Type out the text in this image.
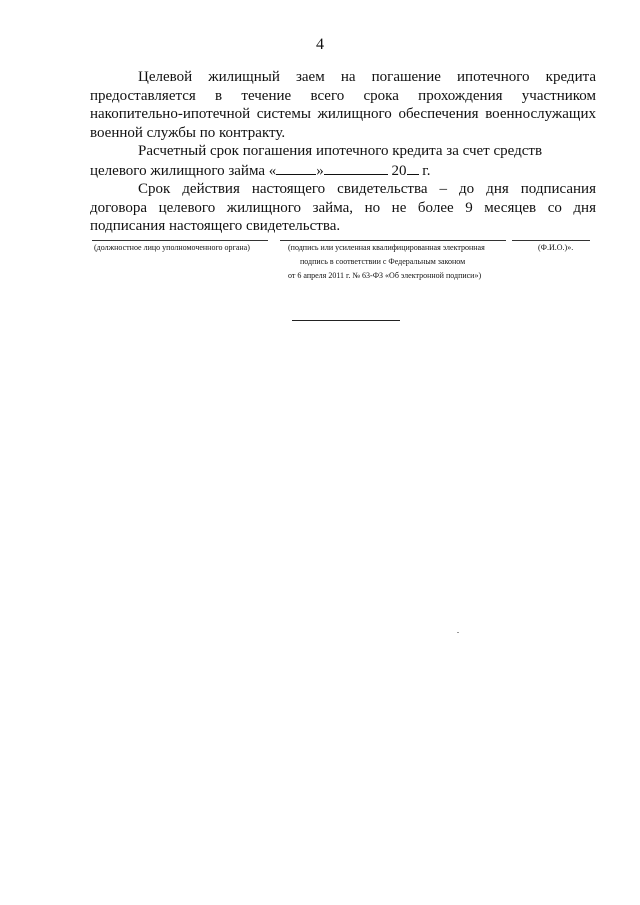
4

Целевой жилищный заем на погашение ипотечного кредита предоставляется в течение всего срока прохождения участником накопительно-ипотечной системы жилищного обеспечения военнослужащих военной службы по контракту.

Расчетный срок погашения ипотечного кредита за счет средств
целевого жилищного займа «	»	20 г.

Срок действия настоящего свидетельства – до дня подписания договора целевого жилищного займа, но не более 9 месяцев со дня подписания настоящего свидетельства.

(должностное лицо уполномоченного органа)	(подпись или усиленная квалифицированная электронная
подпись в соответствии с Федеральным законом
от 6 апреля 2011 г. № 63-ФЗ «Об электронной подписи»)
(Ф.И.О.)».
